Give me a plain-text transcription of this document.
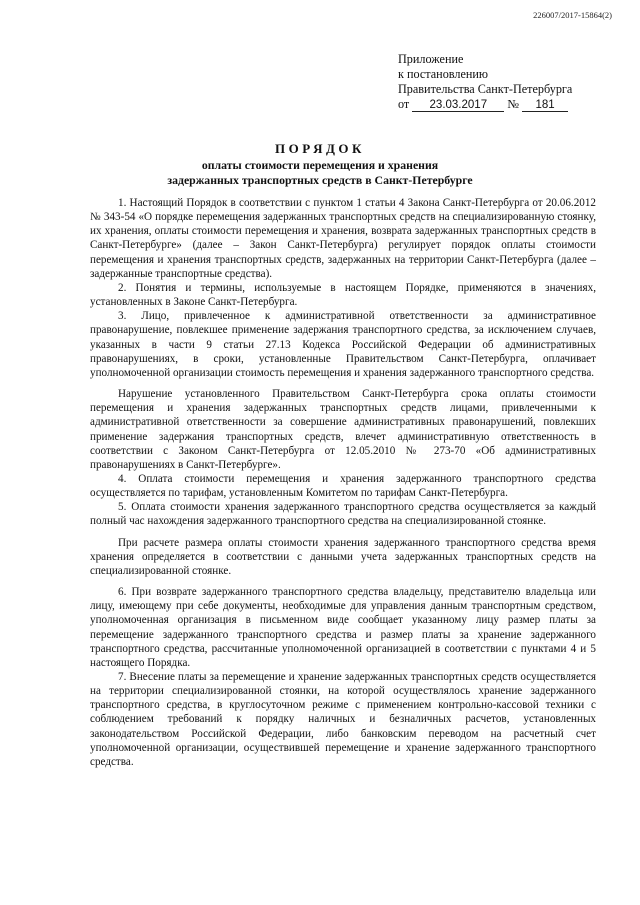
226007/2017-15864(2)
Приложение
к постановлению
Правительства Санкт-Петербурга
от 23.03.2017 № 181
ПОРЯДОК
оплаты стоимости перемещения и хранения
задержанных транспортных средств в Санкт-Петербурге

1. Настоящий Порядок в соответствии с пунктом 1 статьи 4 Закона Санкт-Петербурга от 20.06.2012 № 343-54 «О порядке перемещения задержанных транспортных средств на специализированную стоянку, их хранения, оплаты стоимости перемещения и хранения, возврата задержанных транспортных средств в Санкт-Петербурге» (далее – Закон Санкт-Петербурга) регулирует порядок оплаты стоимости перемещения и хранения транспортных средств, задержанных на территории Санкт-Петербурга (далее – задержанные транспортные средства).

2. Понятия и термины, используемые в настоящем Порядке, применяются в значениях, установленных в Законе Санкт-Петербурга.

3. Лицо, привлеченное к административной ответственности за административное правонарушение, повлекшее применение задержания транспортного средства, за исключением случаев, указанных в части 9 статьи 27.13 Кодекса Российской Федерации об административных правонарушениях, в сроки, установленные Правительством Санкт-Петербурга, оплачивает уполномоченной организации стоимость перемещения и хранения задержанного транспортного средства.

Нарушение установленного Правительством Санкт-Петербурга срока оплаты стоимости перемещения и хранения задержанных транспортных средств лицами, привлеченными к административной ответственности за совершение административных правонарушений, повлекших применение задержания транспортных средств, влечет административную ответственность в соответствии с Законом Санкт-Петербурга от 12.05.2010 № 273-70 «Об административных правонарушениях в Санкт-Петербурге».

4. Оплата стоимости перемещения и хранения задержанного транспортного средства осуществляется по тарифам, установленным Комитетом по тарифам Санкт-Петербурга.

5. Оплата стоимости хранения задержанного транспортного средства осуществляется за каждый полный час нахождения задержанного транспортного средства на специализированной стоянке.

При расчете размера оплаты стоимости хранения задержанного транспортного средства время хранения определяется в соответствии с данными учета задержанных транспортных средств на специализированной стоянке.

6. При возврате задержанного транспортного средства владельцу, представителю владельца или лицу, имеющему при себе документы, необходимые для управления данным транспортным средством, уполномоченная организация в письменном виде сообщает указанному лицу размер платы за перемещение задержанного транспортного средства и размер платы за хранение задержанного транспортного средства, рассчитанные уполномоченной организацией в соответствии с пунктами 4 и 5 настоящего Порядка.

7. Внесение платы за перемещение и хранение задержанных транспортных средств осуществляется на территории специализированной стоянки, на которой осуществлялось хранение задержанного транспортного средства, в круглосуточном режиме с применением контрольно-кассовой техники с соблюдением требований к порядку наличных и безналичных расчетов, установленных законодательством Российской Федерации, либо банковским переводом на расчетный счет уполномоченной организации, осуществившей перемещение и хранение задержанного транспортного средства.
